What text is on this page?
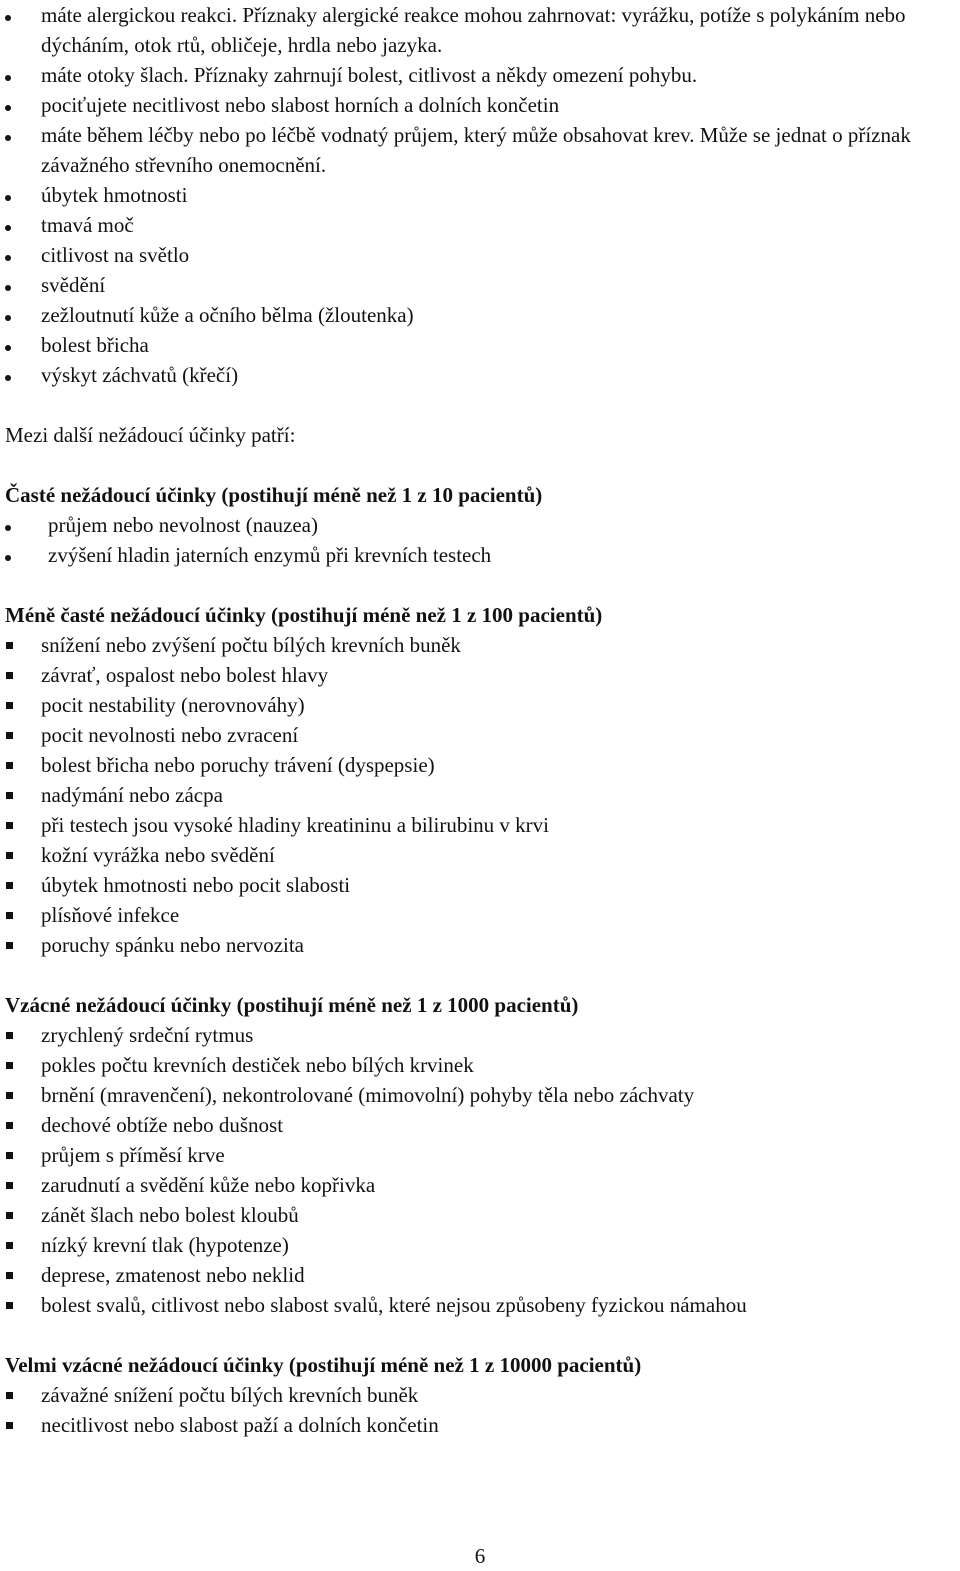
máte alergickou reakci. Příznaky alergické reakce mohou zahrnovat: vyrážku, potíže s polykáním nebo dýcháním, otok rtů, obličeje, hrdla nebo jazyka.
máte otoky šlach. Příznaky zahrnují bolest, citlivost a někdy omezení pohybu.
pociťujete necitlivost nebo slabost horních a dolních končetin
máte během léčby nebo po léčbě vodnatý průjem, který může obsahovat krev. Může se jednat o příznak závažného střevního onemocnění.
úbytek hmotnosti
tmavá moč
citlivost na světlo
svědění
zežloutnutí kůže a očního bělma (žloutenka)
bolest břicha
výskyt záchvatů (křečí)

Mezi další nežádoucí účinky patří:

Časté nežádoucí účinky (postihují méně než 1 z 10 pacientů)

průjem nebo nevolnost (nauzea)
zvýšení hladin jaterních enzymů při krevních testech

Méně časté nežádoucí účinky (postihují méně než 1 z 100 pacientů)

snížení nebo zvýšení počtu bílých krevních buněk
závrať, ospalost nebo bolest hlavy
pocit nestability (nerovnováhy)
pocit nevolnosti nebo zvracení
bolest břicha nebo poruchy trávení (dyspepsie)
nadýmání nebo zácpa
při testech jsou vysoké hladiny kreatininu a bilirubinu v krvi
kožní vyrážka nebo svědění
úbytek hmotnosti nebo pocit slabosti
plísňové infekce
poruchy spánku nebo nervozita

Vzácné nežádoucí účinky (postihují méně než 1 z 1000 pacientů)

zrychlený srdeční rytmus
pokles počtu krevních destiček nebo bílých krvinek
brnění (mravenčení), nekontrolované (mimovolní) pohyby těla nebo záchvaty
dechové obtíže nebo dušnost
průjem s příměsí krve
zarudnutí a svědění kůže nebo kopřivka
zánět šlach nebo bolest kloubů
nízký krevní tlak (hypotenze)
deprese, zmatenost nebo neklid
bolest svalů, citlivost nebo slabost svalů, které nejsou způsobeny fyzickou námahou

Velmi vzácné nežádoucí účinky (postihují méně než 1 z 10000 pacientů)

závažné snížení počtu bílých krevních buněk
necitlivost nebo slabost paží a dolních končetin
6
